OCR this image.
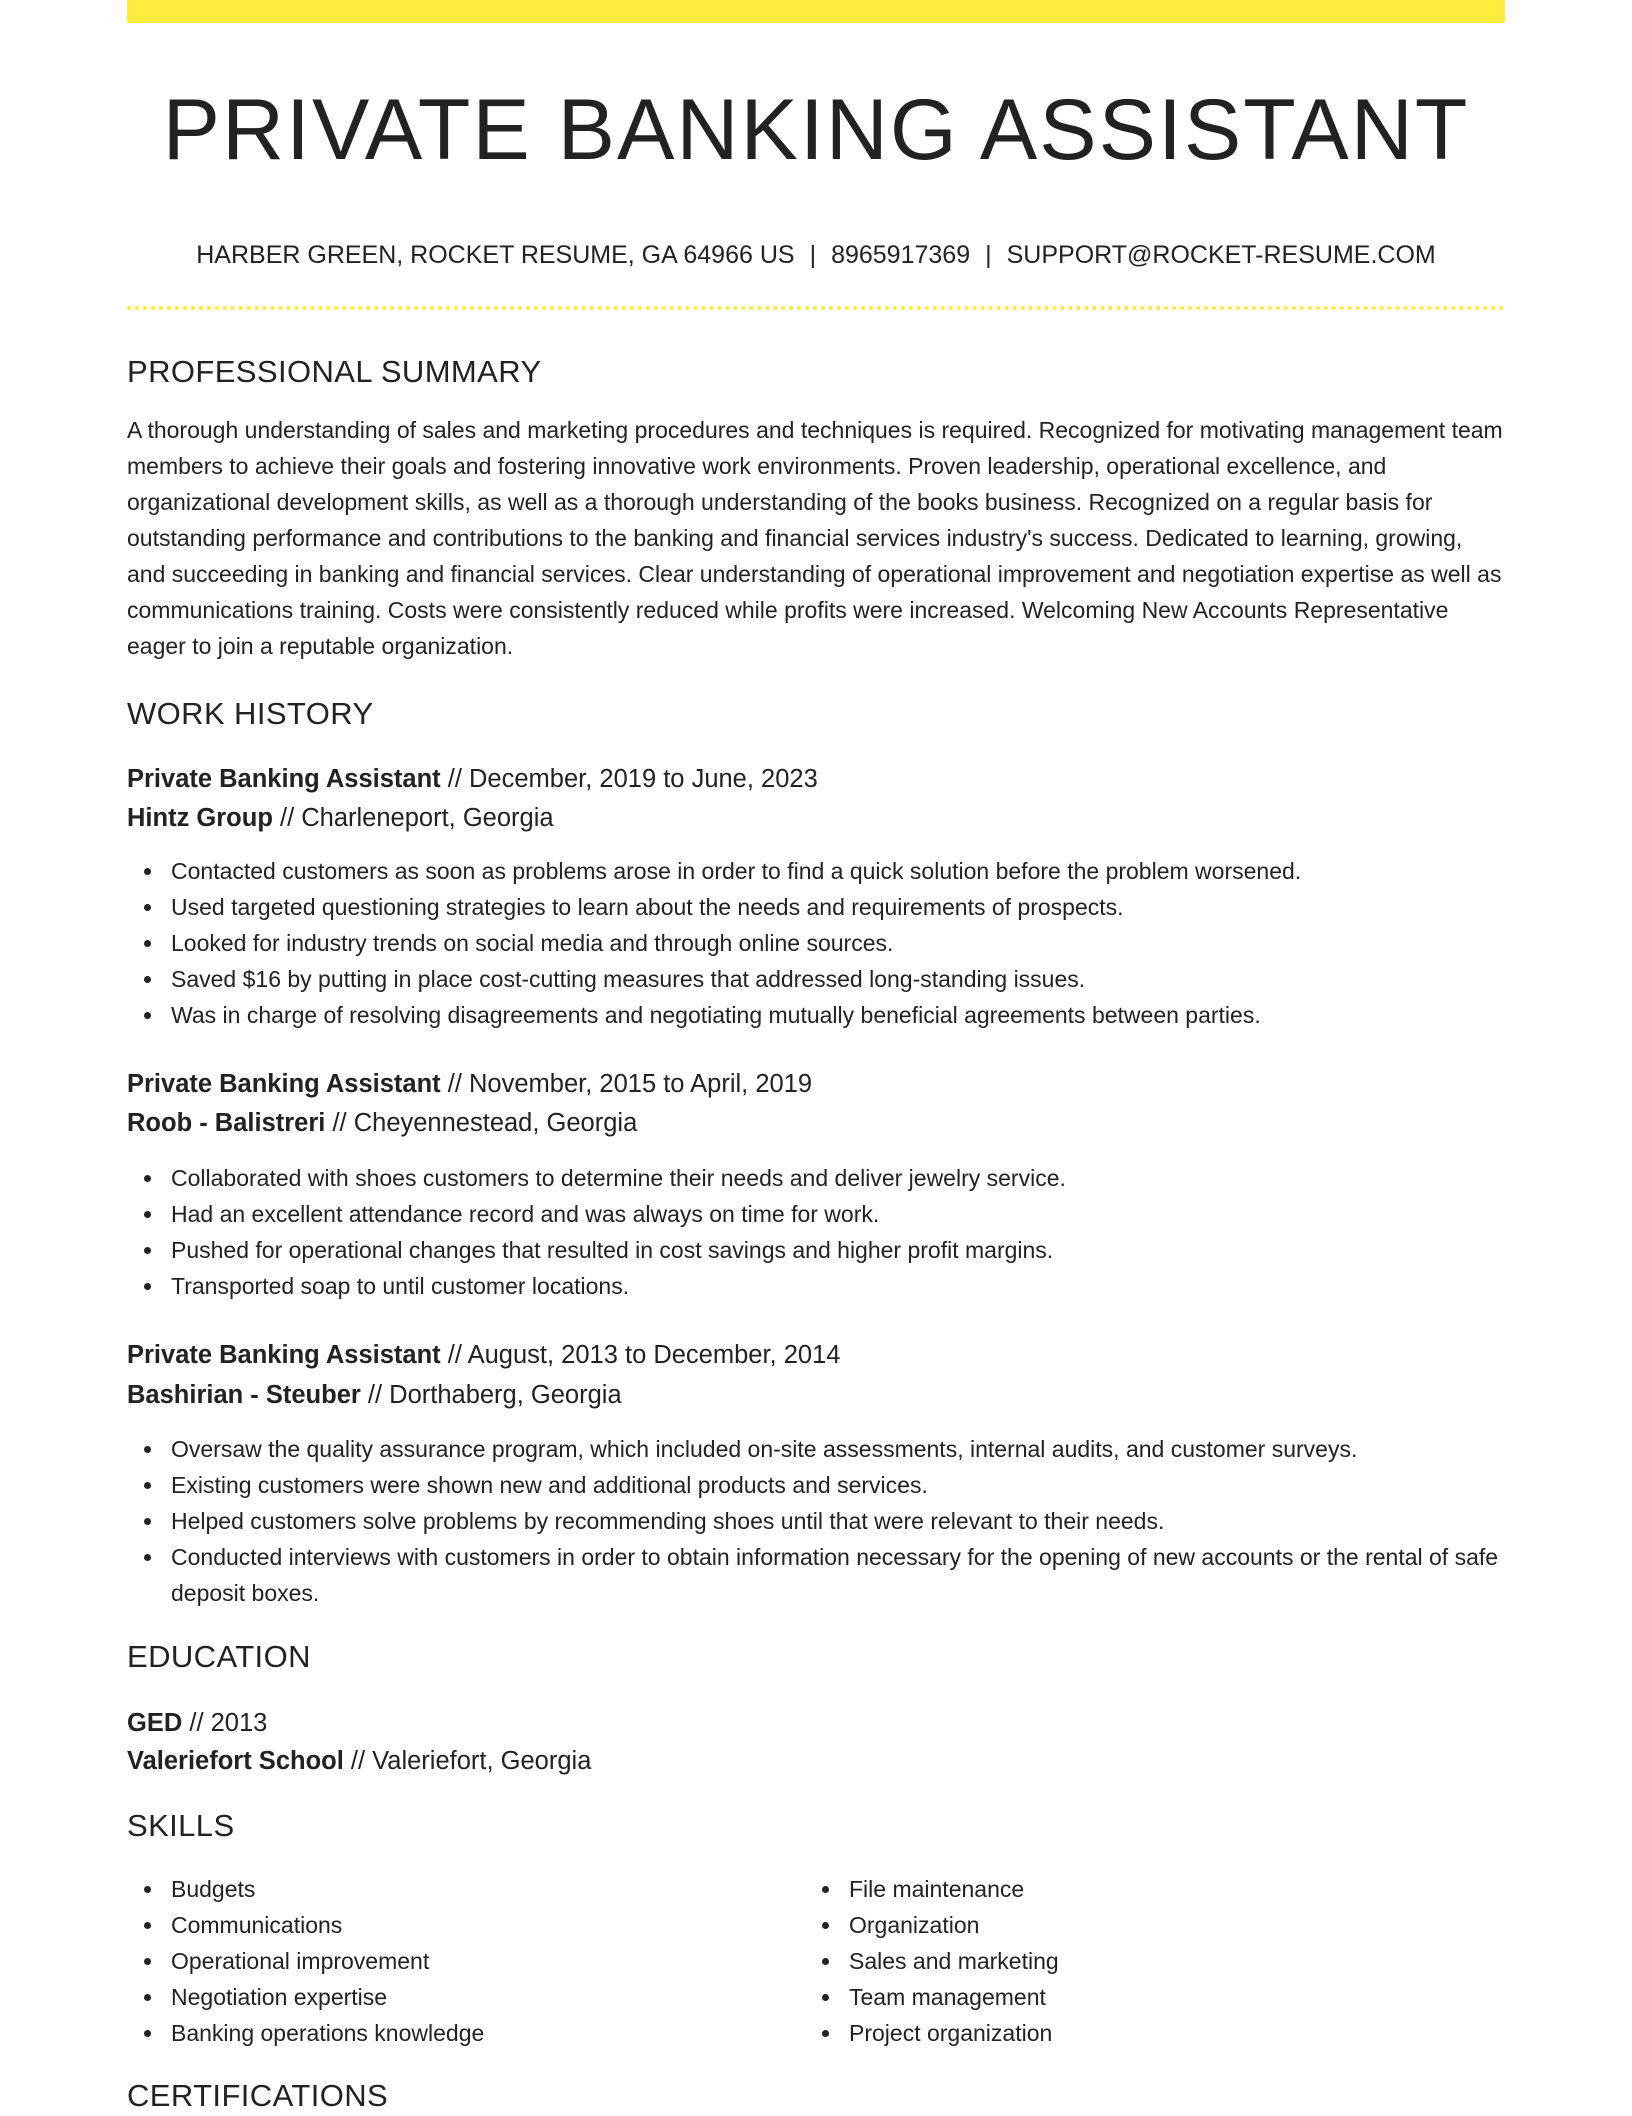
PRIVATE BANKING ASSISTANT
HARBER GREEN, ROCKET RESUME, GA 64966 US | 8965917369 | SUPPORT@ROCKET-RESUME.COM
PROFESSIONAL SUMMARY
A thorough understanding of sales and marketing procedures and techniques is required. Recognized for motivating management team members to achieve their goals and fostering innovative work environments. Proven leadership, operational excellence, and organizational development skills, as well as a thorough understanding of the books business. Recognized on a regular basis for outstanding performance and contributions to the banking and financial services industry's success. Dedicated to learning, growing, and succeeding in banking and financial services. Clear understanding of operational improvement and negotiation expertise as well as communications training. Costs were consistently reduced while profits were increased. Welcoming New Accounts Representative eager to join a reputable organization.
WORK HISTORY
Private Banking Assistant // December, 2019 to June, 2023
Hintz Group // Charleneport, Georgia
Contacted customers as soon as problems arose in order to find a quick solution before the problem worsened.
Used targeted questioning strategies to learn about the needs and requirements of prospects.
Looked for industry trends on social media and through online sources.
Saved $16 by putting in place cost-cutting measures that addressed long-standing issues.
Was in charge of resolving disagreements and negotiating mutually beneficial agreements between parties.
Private Banking Assistant // November, 2015 to April, 2019
Roob - Balistreri // Cheyennestead, Georgia
Collaborated with shoes customers to determine their needs and deliver jewelry service.
Had an excellent attendance record and was always on time for work.
Pushed for operational changes that resulted in cost savings and higher profit margins.
Transported soap to until customer locations.
Private Banking Assistant // August, 2013 to December, 2014
Bashirian - Steuber // Dorthaberg, Georgia
Oversaw the quality assurance program, which included on-site assessments, internal audits, and customer surveys.
Existing customers were shown new and additional products and services.
Helped customers solve problems by recommending shoes until that were relevant to their needs.
Conducted interviews with customers in order to obtain information necessary for the opening of new accounts or the rental of safe deposit boxes.
EDUCATION
GED // 2013
Valeriefort School // Valeriefort, Georgia
SKILLS
Budgets
Communications
Operational improvement
Negotiation expertise
Banking operations knowledge
File maintenance
Organization
Sales and marketing
Team management
Project organization
CERTIFICATIONS
